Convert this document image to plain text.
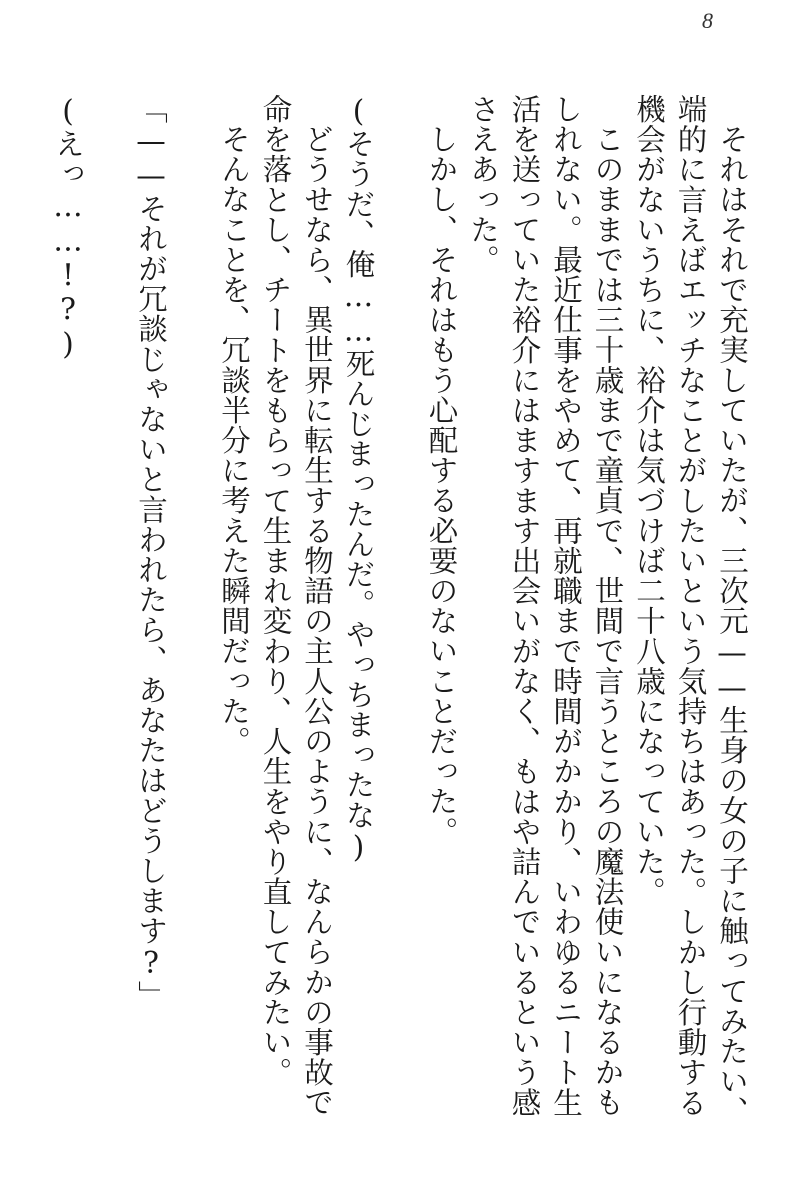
8

それはそれで充実していたが、三次元——生身の女の子に触ってみたい、端的に言えばエッチなことがしたいという気持ちはあった。しかし行動する機会がないうちに、裕介は気づけば二十八歳になっていた。

このままでは三十歳まで童貞で、世間で言うところの魔法使いになるかもしれない。最近仕事をやめて、再就職まで時間がかかり、いわゆるニート生活を送っていた裕介にはますます出会いがなく、もはや詰んでいるという感さえあった。

しかし、それはもう心配する必要のないことだった。

(そうだ、俺……死んじまったんだ。やっちまったな)

どうせなら、異世界に転生する物語の主人公のように、なんらかの事故で命を落とし、チートをもらって生まれ変わり、人生をやり直してみたい。

そんなことを、冗談半分に考えた瞬間だった。

「——それが冗談じゃないと言われたら、あなたはどうします?」

(えっ……!?)
